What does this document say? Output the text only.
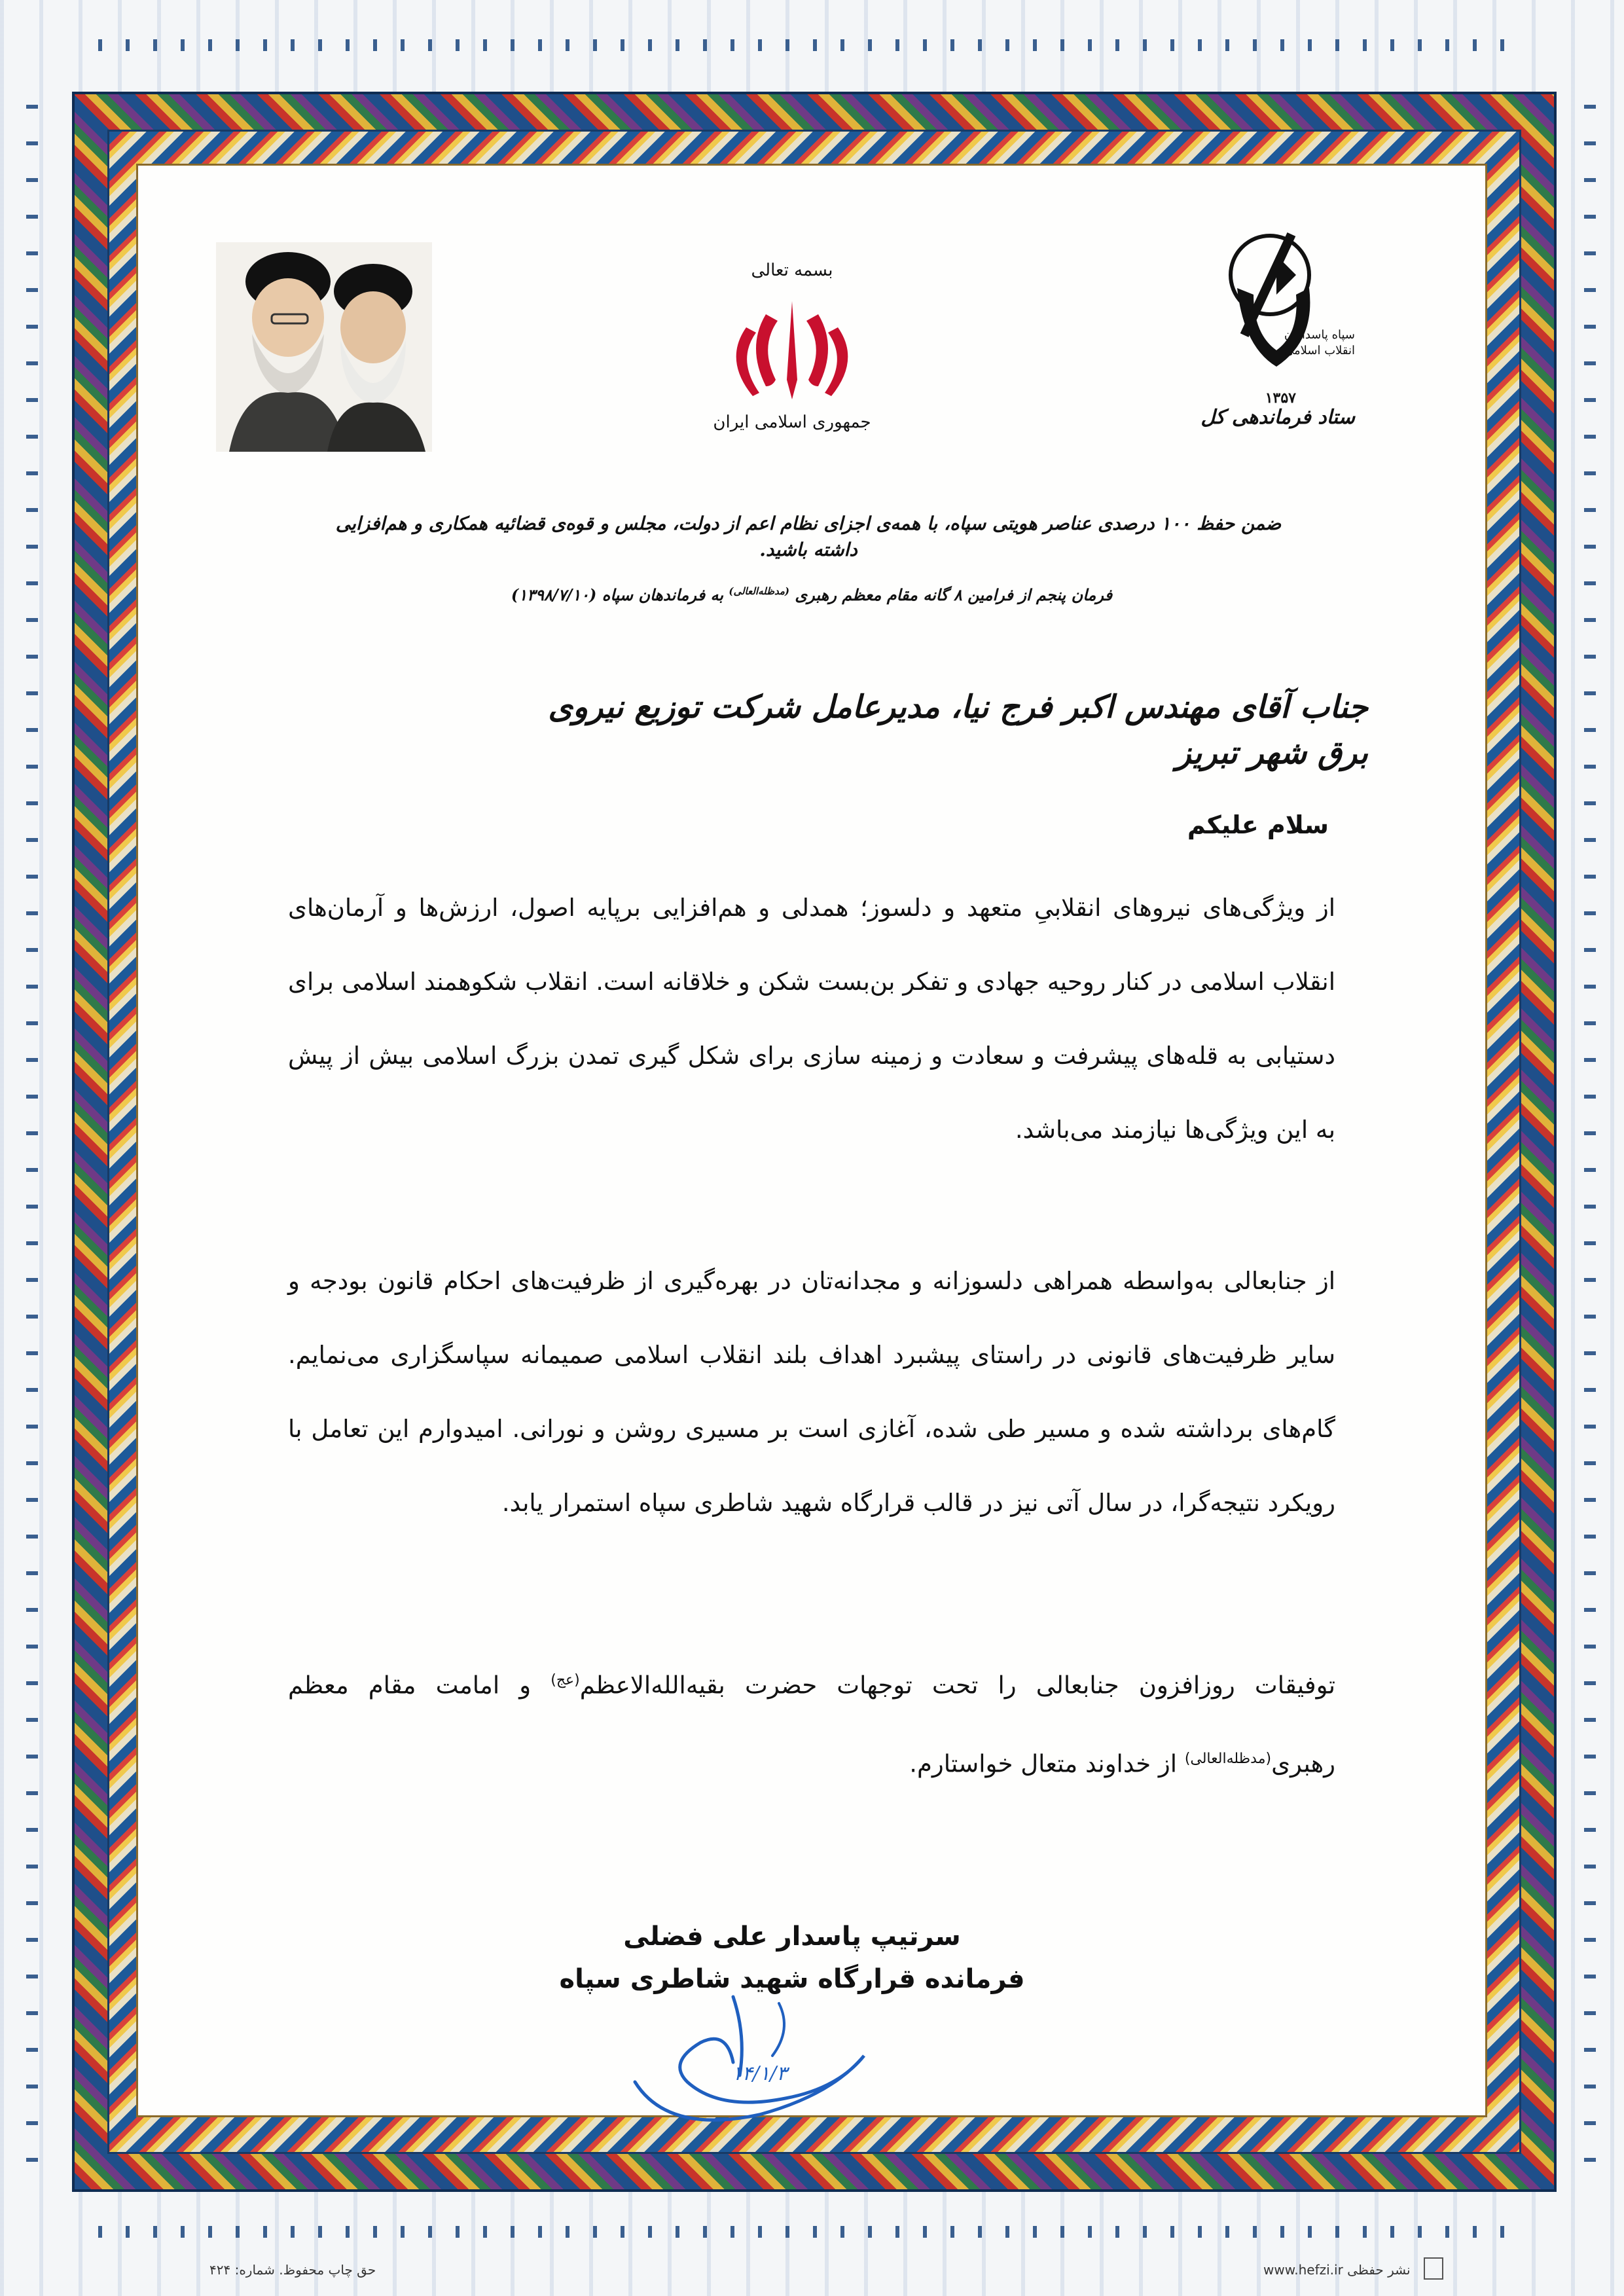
بسمه تعالی
جمهوری اسلامی ایران
سپاه پاسداران انقلاب اسلامی
۱۳۵۷
ستاد فرماندهی کل
ضمن حفظ ۱۰۰ درصدی عناصر هویتی سپاه، با همه‌ی اجزای نظام اعم از دولت، مجلس و قوه‌ی قضائیه همکاری و هم‌افزایی داشته باشید.
فرمان پنجم از فرامین ۸ گانه مقام معظم رهبری $^{(مدظله‌العالی)}$ به فرماندهان سپاه (۱۳۹۸/۷/۱۰)
جناب آقای مهندس اکبر فرج نیا، مدیرعامل شرکت توزیع نیروی برق شهر تبریز
سلام علیکم
از ویژگی‌های نیروهای انقلابیِ متعهد و دلسوز؛ همدلی و هم‌افزایی برپایه اصول، ارزش‌ها و آرمان‌های انقلاب اسلامی در کنار روحیه جهادی و تفکر بن‌بست شکن و خلاقانه است. انقلاب شکوهمند اسلامی برای دستیابی به قله‌های پیشرفت و سعادت و زمینه سازی برای شکل گیری تمدن بزرگ اسلامی بیش از پیش به این ویژگی‌ها نیازمند می‌باشد.
از جنابعالی به‌واسطه همراهی دلسوزانه و مجدانه‌تان در بهره‌گیری از ظرفیت‌های احکام قانون بودجه و سایر ظرفیت‌های قانونی در راستای پیشبرد اهداف بلند انقلاب اسلامی صمیمانه سپاسگزاری می‌نمایم. گام‌های برداشته شده و مسیر طی شده، آغازی است بر مسیری روشن و نورانی. امیدوارم این تعامل با رویکرد نتیجه‌گرا، در سال آتی نیز در قالب قرارگاه شهید شاطری سپاه استمرار یابد.
توفیقات روزافزون جنابعالی را تحت توجهات حضرت بقیه‌الله‌الاعظم$^{(عج)}$ و امامت مقام معظم رهبری$^{(مدظله‌العالی)}$ از خداوند متعال خواستارم.
سرتیپ پاسدار علی فضلی
فرمانده قرارگاه شهید شاطری سپاه
۱۴/۱/۳
حق چاپ محفوظ. شماره: ۴۲۴	www.hefzi.ir نشر حفظی
